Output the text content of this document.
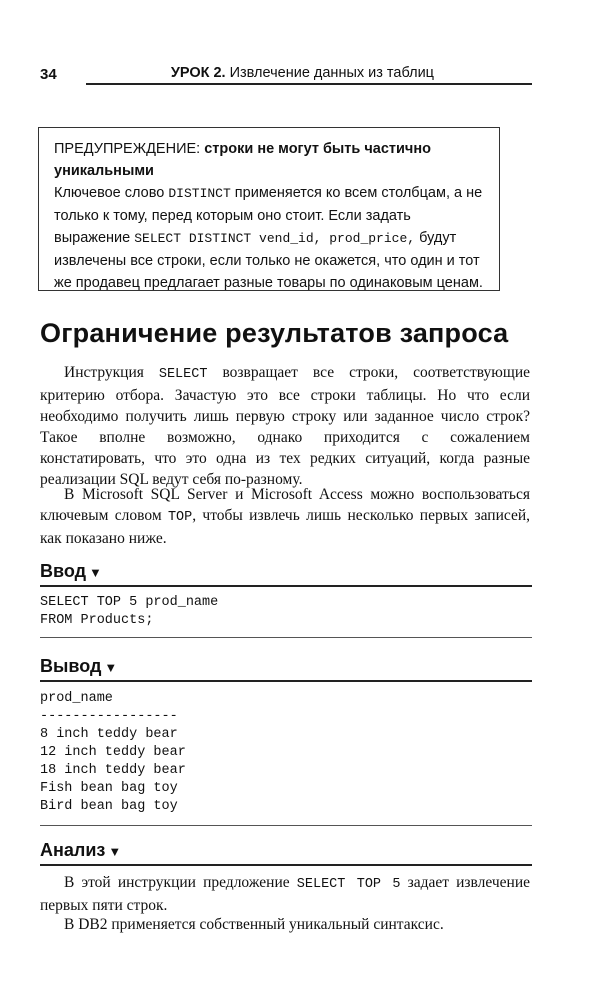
34	УРОК 2. Извлечение данных из таблиц

ПРЕДУПРЕЖДЕНИЕ: строки не могут быть частично уникальными

Ключевое слово DISTINCT применяется ко всем столбцам, а не только к тому, перед которым оно стоит. Если задать выражение SELECT DISTINCT vend_id, prod_price, будут извлечены все строки, если только не окажется, что один и тот же продавец предлагает разные товары по одинаковым ценам.

Ограничение результатов запроса

Инструкция SELECT возвращает все строки, соответствующие критерию отбора. Зачастую это все строки таблицы. Но что если необходимо получить лишь первую строку или заданное число строк? Такое вполне возможно, однако приходится с сожалением констатировать, что это одна из тех редких ситуаций, когда разные реализации SQL ведут себя по-разному.

В Microsoft SQL Server и Microsoft Access можно воспользоваться ключевым словом TOP, чтобы извлечь лишь несколько первых записей, как показано ниже.

Ввод ▼
SELECT TOP 5 prod_name
FROM Products;
Вывод ▼
prod_name
-----------------
8 inch teddy bear
12 inch teddy bear
18 inch teddy bear
Fish bean bag toy
Bird bean bag toy
Анализ ▼

В этой инструкции предложение SELECT TOP 5 задает извлечение первых пяти строк.

В DB2 применяется собственный уникальный синтаксис.
